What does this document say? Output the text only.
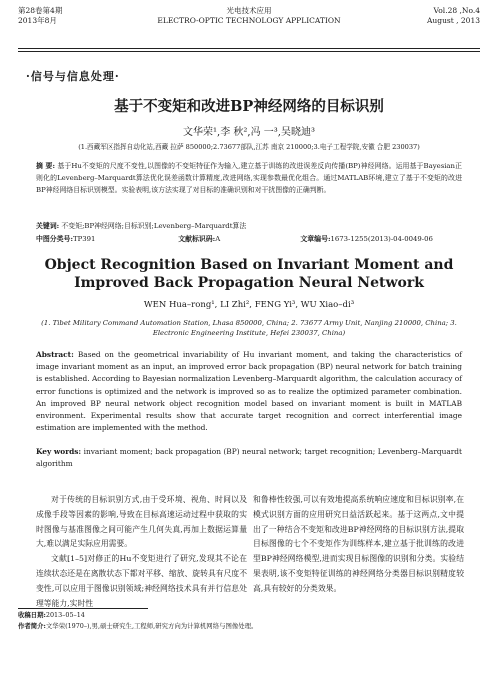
第28卷第4期
2013年8月
光电技术应用
ELECTRO-OPTIC TECHNOLOGY APPLICATION
Vol.28 ,No.4
August , 2013
·信号与信息处理·
基于不变矩和改进BP神经网络的目标识别
文华荣¹,李 秋²,冯 一³,吴晓迪³
(1.西藏军区指挥自动化站,西藏 拉萨 850000;2.73677部队,江苏 南京 210000;3.电子工程学院,安徽 合肥 230037)
摘 要: 基于Hu不变矩的尺度不变性,以图像的不变矩特征作为输入,建立基于训练的改进误差反向传播(BP)神经网络。运用基于Bayesian正则化的Levenberg–Marquardt算法优化误差函数计算精度,改进网络,实现参数最优化组合。通过MATLAB环境,建立了基于不变矩的改进BP神经网络目标识别模型。实验表明,该方法实现了对目标的准确识别和对干扰图像的正确判断。
关键词: 不变矩;BP神经网络;目标识别;Levenberg–Marquardt算法
中图分类号:TP391	文献标识码:A	文章编号:1673-1255(2013)-04-0049-06
Object Recognition Based on Invariant Moment and Improved Back Propagation Neural Network
WEN Hua–rong¹, LI Zhi², FENG Yi³, WU Xiao–di³
(1. Tibet Military Command Automation Station, Lhasa 850000, China; 2. 73677 Army Unit, Nanjing 210000, China; 3. Electronic Engineering Institute, Hefei 230037, China)
Abstract: Based on the geometrical invariability of Hu invariant moment, and taking the characteristics of image invariant moment as an input, an improved error back propagation (BP) neural network for batch training is established. According to Bayesian normalization Levenberg–Marquardt algorithm, the calculation accuracy of error functions is optimized and the network is improved so as to realize the optimized parameter combination. An improved BP neural network object recognition model based on invariant moment is built in MATLAB environment. Experimental results show that accurate target recognition and correct interferential image estimation are implemented with the method.
Key words: invariant moment; back propagation (BP) neural network; target recognition; Levenberg–Marquardt algorithm

对于传统的目标识别方式,由于受环境、视角、时间以及成像手段等因素的影响,导致在目标高速运动过程中获取的实时图像与基准图像之间可能产生几何失真,再加上数据运算量大,难以满足实际应用需要。

文献[1–5]对修正的Hu不变矩进行了研究,发现其不论在连续状态还是在离散状态下都对平移、缩放、旋转具有尺度不变性,可以应用于图像识别领域;神经网络技术具有并行信息处理等能力,实时性

和鲁棒性较强,可以有效地提高系统响应速度和目标识别率,在模式识别方面的应用研究日益活跃起来。基于这两点,文中提出了一种结合不变矩和改进BP神经网络的目标识别方法,提取目标图像的七个不变矩作为训练样本,建立基于批训练的改进型BP神经网络模型,进而实现目标图像的识别和分类。实验结果表明,该不变矩特征训练的神经网络分类器目标识别精度较高,具有较好的分类效果。

收稿日期:2013–05–14
作者简介:文华荣(1970–),男,硕士研究生,工程师,研究方向为计算机网络与图像处理。
